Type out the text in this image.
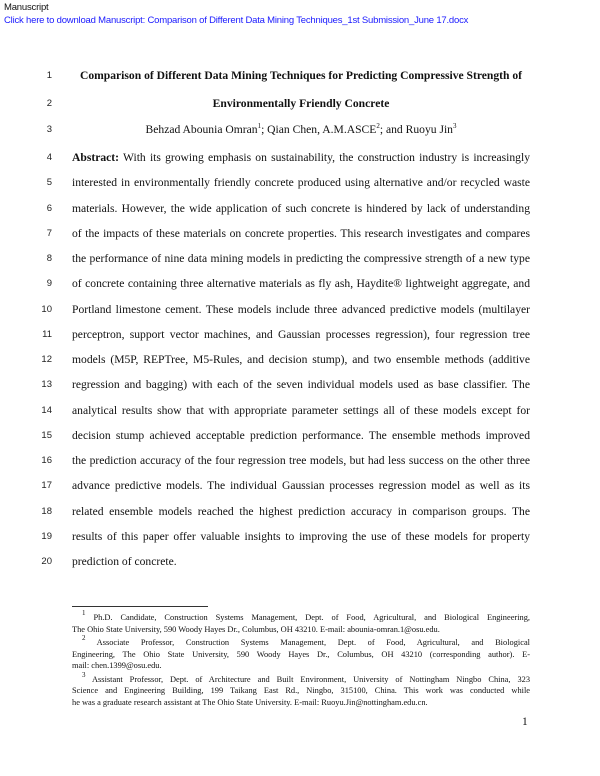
Manuscript
Click here to download Manuscript: Comparison of Different Data Mining Techniques_1st Submission_June 17.docx
1
2
3
4
5
6
7
8
9
10
11
12
13
14
15
16
17
18
19
20
Comparison of Different Data Mining Techniques for Predicting Compressive Strength of
Environmentally Friendly Concrete
Behzad Abounia Omran$^1$; Qian Chen, A.M.ASCE$^2$; and Ruoyu Jin$^3$
Abstract: With its growing emphasis on sustainability, the construction industry is increasingly
interested in environmentally friendly concrete produced using alternative and/or recycled waste
materials. However, the wide application of such concrete is hindered by lack of understanding
of the impacts of these materials on concrete properties. This research investigates and compares
the performance of nine data mining models in predicting the compressive strength of a new type
of concrete containing three alternative materials as fly ash, Haydite® lightweight aggregate, and
Portland limestone cement. These models include three advanced predictive models (multilayer
perceptron, support vector machines, and Gaussian processes regression), four regression tree
models (M5P, REPTree, M5-Rules, and decision stump), and two ensemble methods (additive
regression and bagging) with each of the seven individual models used as base classifier. The
analytical results show that with appropriate parameter settings all of these models except for
decision stump achieved acceptable prediction performance. The ensemble methods improved
the prediction accuracy of the four regression tree models, but had less success on the other three
advance predictive models. The individual Gaussian processes regression model as well as its
related ensemble models reached the highest prediction accuracy in comparison groups. The
results of this paper offer valuable insights to improving the use of these models for property
prediction of concrete.
$^1$ Ph.D. Candidate, Construction Systems Management, Dept. of Food, Agricultural, and Biological Engineering,
The Ohio State University, 590 Woody Hayes Dr., Columbus, OH 43210. E-mail: abounia-omran.1@osu.edu.
$^2$ Associate Professor, Construction Systems Management, Dept. of Food, Agricultural, and Biological
Engineering, The Ohio State University, 590 Woody Hayes Dr., Columbus, OH 43210 (corresponding author). E-
mail: chen.1399@osu.edu.
$^3$ Assistant Professor, Dept. of Architecture and Built Environment, University of Nottingham Ningbo China, 323
Science and Engineering Building, 199 Taikang East Rd., Ningbo, 315100, China. This work was conducted while
he was a graduate research assistant at The Ohio State University. E-mail: Ruoyu.Jin@nottingham.edu.cn.
1
